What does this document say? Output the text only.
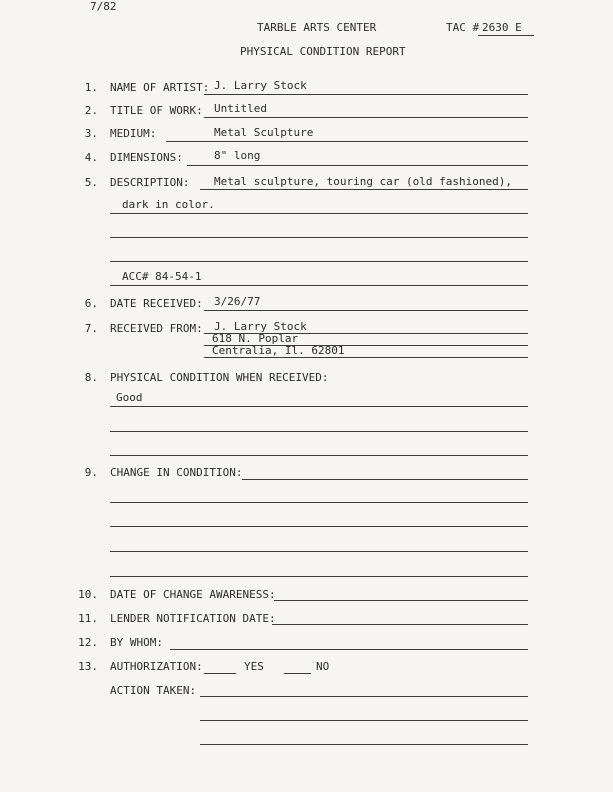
7/82
TARBLE ARTS CENTER	TAC # 2630 E
PHYSICAL CONDITION REPORT
1. NAME OF ARTIST: J. Larry Stock
2. TITLE OF WORK: Untitled
3. MEDIUM:	Metal Sculpture
4. DIMENSIONS:	8" long
5. DESCRIPTION: Metal sculpture, touring car (old fashioned),
dark in color.
ACC# 84-54-1
6. DATE RECEIVED: 3/26/77
7. RECEIVED FROM: J. Larry Stock
618 N. Poplar
Centralia, Il. 62801
8. PHYSICAL CONDITION WHEN RECEIVED:
Good
9. CHANGE IN CONDITION:
10. DATE OF CHANGE AWARENESS:
11. LENDER NOTIFICATION DATE:
12. BY WHOM:
13. AUTHORIZATION:	YES	NO
ACTION TAKEN:
